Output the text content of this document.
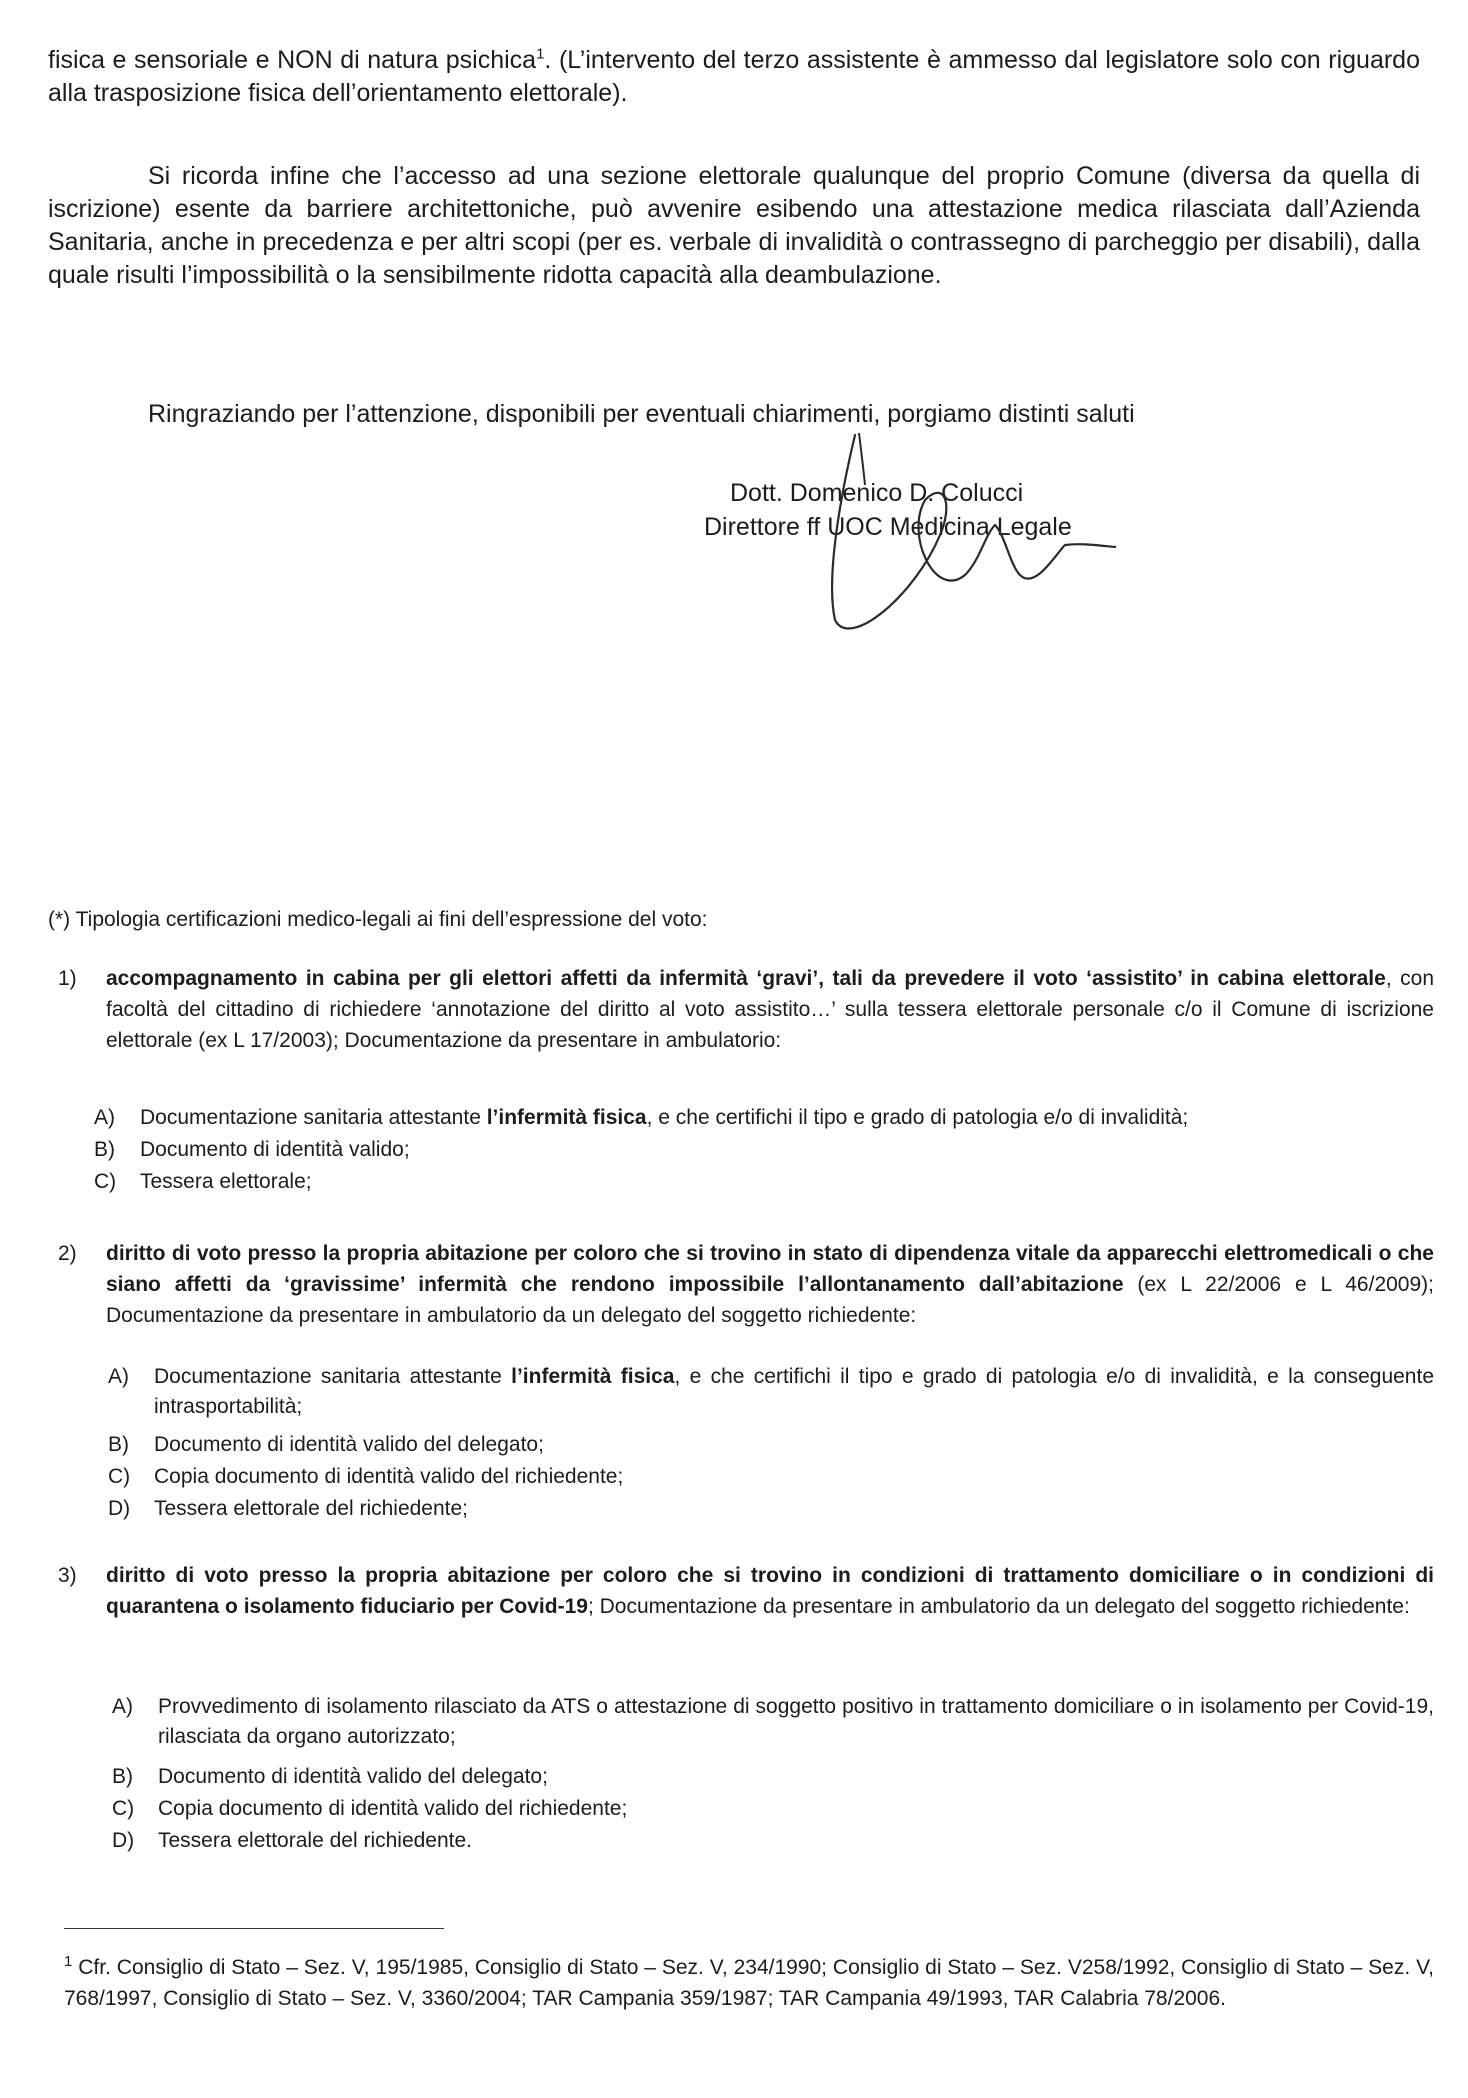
fisica e sensoriale e NON di natura psichica$^1$. (L’intervento del terzo assistente è ammesso dal legislatore solo con riguardo alla trasposizione fisica dell’orientamento elettorale).
Si ricorda infine che l’accesso ad una sezione elettorale qualunque del proprio Comune (diversa da quella di iscrizione) esente da barriere architettoniche, può avvenire esibendo una attestazione medica rilasciata dall’Azienda Sanitaria, anche in precedenza e per altri scopi (per es. verbale di invalidità o contrassegno di parcheggio per disabili), dalla quale risulti l’impossibilità o la sensibilmente ridotta capacità alla deambulazione.
Ringraziando per l’attenzione, disponibili per eventuali chiarimenti, porgiamo distinti saluti
Dott. Domenico D. Colucci
Direttore ff UOC Medicina Legale
(*) Tipologia certificazioni medico-legali ai fini dell’espressione del voto:
1) accompagnamento in cabina per gli elettori affetti da infermità ‘gravi’, tali da prevedere il voto ‘assistito’ in cabina elettorale, con facoltà del cittadino di richiedere ‘annotazione del diritto al voto assistito…’ sulla tessera elettorale personale c/o il Comune di iscrizione elettorale (ex L 17/2003); Documentazione da presentare in ambulatorio:
A)	Documentazione sanitaria attestante l’infermità fisica, e che certifichi il tipo e grado di patologia e/o di invalidità;
B)	Documento di identità valido;
C)	Tessera elettorale;
2) diritto di voto presso la propria abitazione per coloro che si trovino in stato di dipendenza vitale da apparecchi elettromedicali o che siano affetti da ‘gravissime’ infermità che rendono impossibile l’allontanamento dall’abitazione (ex L 22/2006 e L 46/2009); Documentazione da presentare in ambulatorio da un delegato del soggetto richiedente:
A)	Documentazione sanitaria attestante l’infermità fisica, e che certifichi il tipo e grado di patologia e/o di invalidità, e la conseguente intrasportabilità;
B)	Documento di identità valido del delegato;
C)	Copia documento di identità valido del richiedente;
D)	Tessera elettorale del richiedente;
3) diritto di voto presso la propria abitazione per coloro che si trovino in condizioni di trattamento domiciliare o in condizioni di quarantena o isolamento fiduciario per Covid-19; Documentazione da presentare in ambulatorio da un delegato del soggetto richiedente:
A)	Provvedimento di isolamento rilasciato da ATS o attestazione di soggetto positivo in trattamento domiciliare o in isolamento per Covid-19, rilasciata da organo autorizzato;
B)	Documento di identità valido del delegato;
C)	Copia documento di identità valido del richiedente;
D)	Tessera elettorale del richiedente.
$^1$ Cfr. Consiglio di Stato – Sez. V, 195/1985, Consiglio di Stato – Sez. V, 234/1990; Consiglio di Stato – Sez. V258/1992, Consiglio di Stato – Sez. V, 768/1997, Consiglio di Stato – Sez. V, 3360/2004; TAR Campania 359/1987; TAR Campania 49/1993, TAR Calabria 78/2006.
